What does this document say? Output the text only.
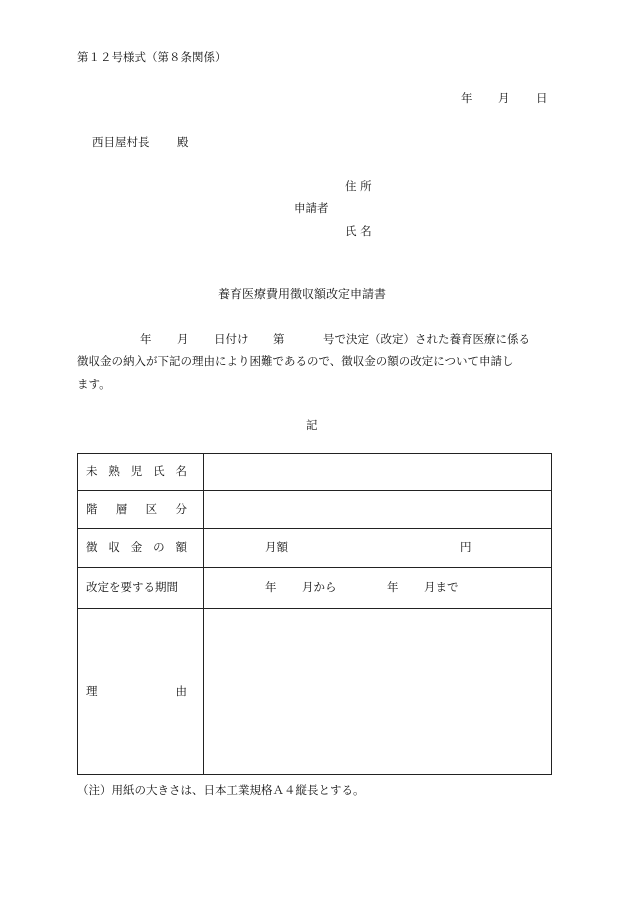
第１２号様式（第８条関係）
年 月 日
西目屋村長 殿
住 所
申請者
氏 名
養育医療費用徴収額改定申請書
年 月 日付け 第	号で決定（改定）された養育医療に係る
徴収金の納入が下記の理由により困難であるので、徴収金の額の改定について申請し
ます。
記
未 熟 児 氏 名	

階 層 区 分	

徴 収 金 の 額	月額 円

改定を要する期間	年 月から 年 月まで

理 由	

（注）用紙の大きさは、日本工業規格Ａ４縦長とする。
